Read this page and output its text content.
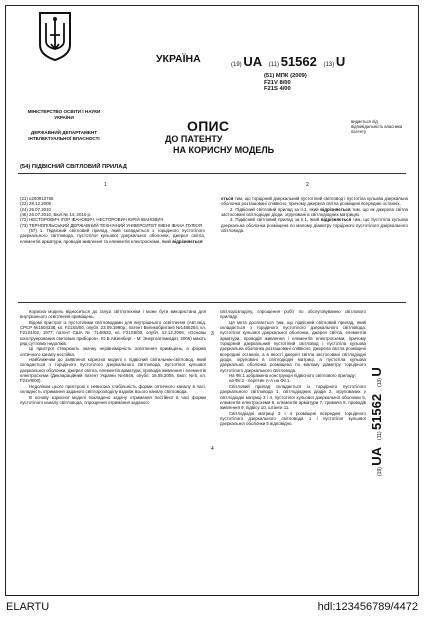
МІНІСТЕРСТВО ОСВІТИ І НАУКИ УКРАЇНИ
ДЕРЖАВНИЙ ДЕПАРТАМЕНТ ІНТЕЛЕКТУАЛЬНОЇ ВЛАСНОСТІ
УКРАЇНА	(19) UA (11) 51562 (13) U
(51) МПК (2009)
F21V 8/00
F21S 4/00
ОПИС
ДО ПАТЕНТУ
НА КОРИСНУ МОДЕЛЬ
видається під відповідальність власника патенту
(54) ПІДВІСНИЙ СВІТЛОВИЙ ПРИЛАД
1	2

(21) u200913765

(22) 28.12.2009

(24) 26.07.2010

(46) 26.07.2010, Бюл.№ 14, 2010 р.

(72) НЕСТОРОВИЧ ІГОР ІВАНОВИЧ, НЕСТОРОВИЧ ЮРІЙ ІВАНОВИЧ

(73) ТЕРНОПІЛЬСЬКИЙ ДЕРЖАВНИЙ ТЕХНІЧНИЙ УНІВЕРСИТЕТ ІМЕНІ ІВАНА ПУЛЮЯ

(57) 1. Підвісний світловий прилад, який складається з торцірного пустотілого дзеркального світловода, пустотілої кульової дзеркальної оболонки, джерел світла, елементів арматури, проводів живлення та елементів електросхеми, який відрізняється

ється тим, що торцірний дзеркальний пустотілий світловод і пустотіла кульова дзеркальна оболонка розташовані співвісно, причому джерела світла розміщені всередині останніх.

2. Підвісний світловий прилад за п.1, який відрізняється тим, що як джерела світла застосовані світлодіодні діоди, згруповані в світлодіодних матрицях.

3. Підвісний світловий прилад за п.1, який відрізняється тим, що пустотіла кульова дзеркальна оболонка розміщена по малому діаметру торцірного пустотілого дзеркального світловода.

Корисна модель відноситься до галузі світлотехніки і може бути використана для внутрішнього освітлення приміщень.

Відомі пристрої із пустотілими світловодами для внутрішнього освітлення (Авт.свід. СРСР №1504338, кл. F21S5/00, опубл. 23.09.1990р.; патент Великобританії №1485204, кл. F21S1/02, 1977; патент США № 7148632, кл. F21S5/00, опубл. 12.12.2006; «Основы конструирования световых приборов», Ю.Б.Айзенберг. - М: Энергоатомиздат, 2006) мають ряд суттєвих недоліків.

Ці пристрої створюють значну нерівномірність освітлення приміщень, а форма оптичного каналу нестійка.

Найближчим до заявленої корисної моделі є підвісний світильник-світловод, який складається з торцірного пустотілого дзеркального світловода, пустотілої кульової дзеркальної оболонки, джерел світла, елементів арматури, проводів живлення і елементів електросхеми (Деклараційний патент України №6646, опубл. 16.05.2005. Бюл. №5, кл. F21V8/00).

Недоліком цього пристрою є невисока стабільність форми оптичного каналу в часі, складність отримання заданого світлорозподілу вздовж всього каналу світловода.

В основу корисної моделі покладено задачу отримання постійної в часі форми пустотілого каналу світловода, спрощення отримання заданого

3
4

світлорозподілу, спрощення робіт по обслуговуванню світлового приладу.

Ця мета досягається тим, що підвісний світловий прилад, який складається з торцірного пустотілого дзеркального світловода, пустотілої кульової дзеркальної оболонки, джерел світла, елементів арматури, проводів живлення і елементів електросхеми, причому торцірний дзеркальний пустотілий світловод і пустотіла кульова дзеркальна оболонка розташовані співвісно, джерела світла розміщені всередині останніх, а в якості джерел світла застосовані світлодіодні діоди, згруповані в світлодіодні матриці, а пустотіла кульова дзеркальна оболонка розміщена по малому діаметру торцірного пустотілого дзеркального світловода.

На Фіг.1 зображена конструкція підвісного світлового приладу:

на Фіг.2 - перетин А-А на Фіг.1.

Світловий прилад складається із торцірного пустотілого дзеркального світловода 1, світлодіодних діодів 2, згрупованих у світлодіодні матриці 3 і 4, пустотілої кульової дзеркальної оболонки 5, елементів електросхеми 6, елементів арматури 7, тримача 8, проводів живлення 9, підвісу 10, штанги 11.

Світлодіодні матриці 3 і 4 розміщені всередині торцірного пустотілого дзеркального світловода 1 і пустотілої кульової дзеркальної оболонки 5 відповідно.

(19) UA     (11) 51562     (13) U
ELARTU	hdl:123456789/4472
